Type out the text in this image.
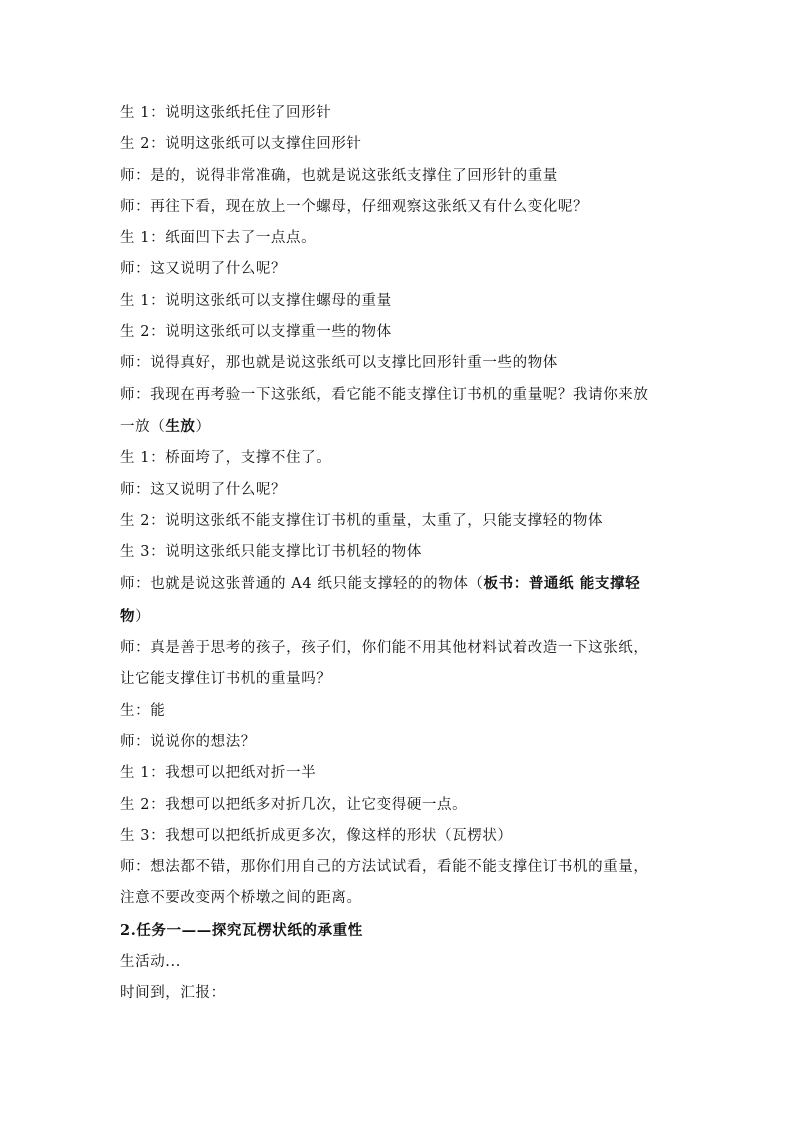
生 1：说明这张纸托住了回形针
生 2：说明这张纸可以支撑住回形针
师：是的，说得非常准确，也就是说这张纸支撑住了回形针的重量
师：再往下看，现在放上一个螺母，仔细观察这张纸又有什么变化呢？
生 1：纸面凹下去了一点点。
师：这又说明了什么呢？
生 1：说明这张纸可以支撑住螺母的重量
生 2：说明这张纸可以支撑重一些的物体
师：说得真好，那也就是说这张纸可以支撑比回形针重一些的物体
师：我现在再考验一下这张纸，看它能不能支撑住订书机的重量呢？我请你来放
一放（生放）
生 1：桥面垮了，支撑不住了。
师：这又说明了什么呢？
生 2：说明这张纸不能支撑住订书机的重量，太重了，只能支撑轻的物体
生 3：说明这张纸只能支撑比订书机轻的物体
师：也就是说这张普通的 A4 纸只能支撑轻的的物体（板书：普通纸 能支撑轻
物）
师：真是善于思考的孩子，孩子们，你们能不用其他材料试着改造一下这张纸，
让它能支撑住订书机的重量吗？
生：能
师：说说你的想法？
生 1：我想可以把纸对折一半
生 2：我想可以把纸多对折几次，让它变得硬一点。
生 3：我想可以把纸折成更多次，像这样的形状（瓦楞状）
师：想法都不错，那你们用自己的方法试试看，看能不能支撑住订书机的重量，
注意不要改变两个桥墩之间的距离。
2.任务一——探究瓦楞状纸的承重性
生活动...
时间到，汇报：
